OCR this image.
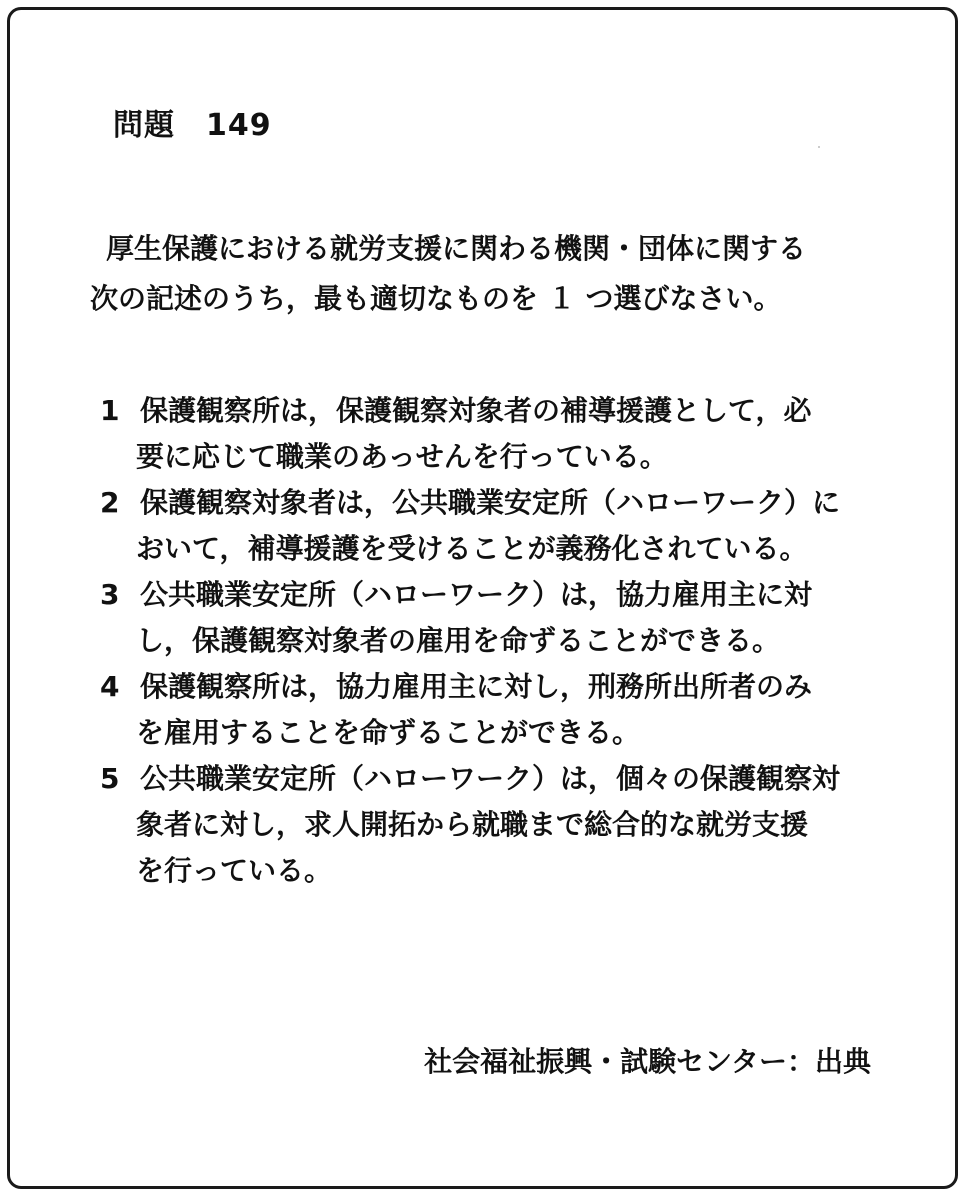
問題　149
厚生保護における就労支援に関わる機関・団体に関する
次の記述のうち，最も適切なものを １ つ選びなさい。
1 保護観察所は，保護観察対象者の補導援護として，必
要に応じて職業のあっせんを行っている。
2 保護観察対象者は，公共職業安定所（ハローワーク）に
おいて，補導援護を受けることが義務化されている。
3 公共職業安定所（ハローワーク）は，協力雇用主に対
し，保護観察対象者の雇用を命ずることができる。
4 保護観察所は，協力雇用主に対し，刑務所出所者のみ
を雇用することを命ずることができる。
5 公共職業安定所（ハローワーク）は，個々の保護観察対
象者に対し，求人開拓から就職まで総合的な就労支援
を行っている。
社会福祉振興・試験センター：出典
